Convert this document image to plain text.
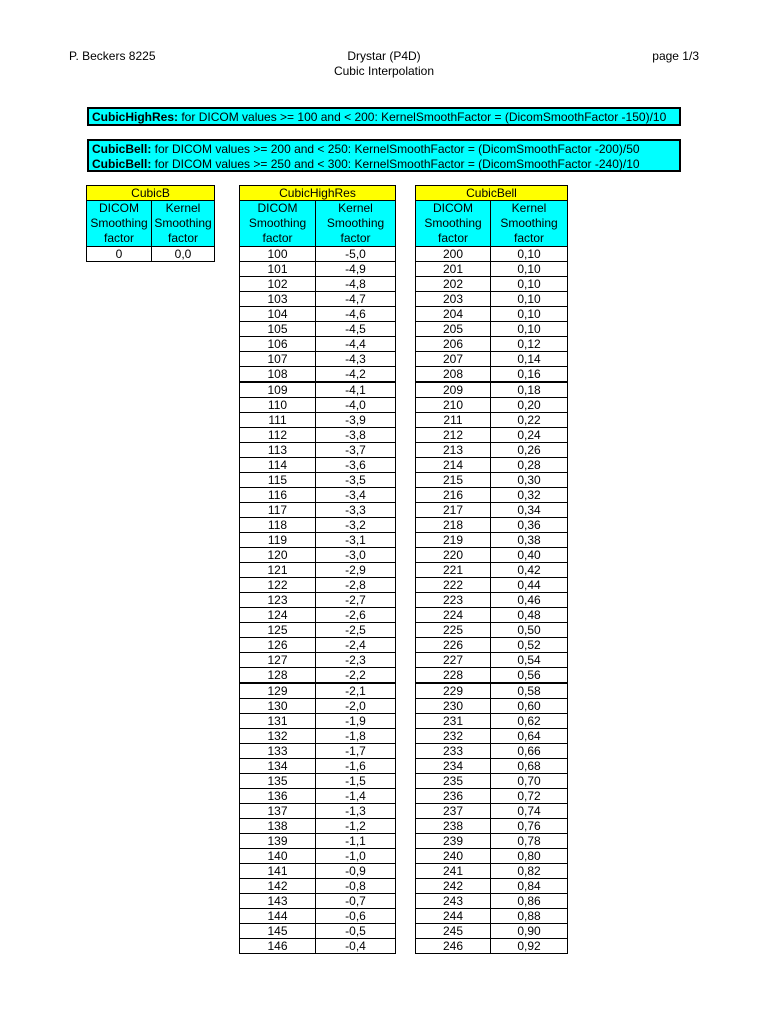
P. Beckers 8225	Drystar (P4D)
Cubic Interpolation
page 1/3
CubicHighRes: for DICOM values >= 100 and < 200: KernelSmoothFactor = (DicomSmoothFactor -150)/10
CubicBell: for DICOM values >= 200 and < 250: KernelSmoothFactor = (DicomSmoothFactor -200)/50
CubicBell: for DICOM values >= 250 and < 300: KernelSmoothFactor = (DicomSmoothFactor -240)/10
CubicB	
DICOM Smoothing factor	Kernel Smoothing factor
0	0,0
CubicHighRes	
DICOM Smoothing factor	Kernel Smoothing factor
100	-5,0
101	-4,9
102	-4,8
103	-4,7
104	-4,6
105	-4,5
106	-4,4
107	-4,3
108	-4,2
109	-4,1
110	-4,0
111	-3,9
112	-3,8
113	-3,7
114	-3,6
115	-3,5
116	-3,4
117	-3,3
118	-3,2
119	-3,1
120	-3,0
121	-2,9
122	-2,8
123	-2,7
124	-2,6
125	-2,5
126	-2,4
127	-2,3
128	-2,2
129	-2,1
130	-2,0
131	-1,9
132	-1,8
133	-1,7
134	-1,6
135	-1,5
136	-1,4
137	-1,3
138	-1,2
139	-1,1
140	-1,0
141	-0,9
142	-0,8
143	-0,7
144	-0,6
145	-0,5
146	-0,4
CubicBell	
DICOM Smoothing factor	Kernel Smoothing factor
200	0,10
201	0,10
202	0,10
203	0,10
204	0,10
205	0,10
206	0,12
207	0,14
208	0,16
209	0,18
210	0,20
211	0,22
212	0,24
213	0,26
214	0,28
215	0,30
216	0,32
217	0,34
218	0,36
219	0,38
220	0,40
221	0,42
222	0,44
223	0,46
224	0,48
225	0,50
226	0,52
227	0,54
228	0,56
229	0,58
230	0,60
231	0,62
232	0,64
233	0,66
234	0,68
235	0,70
236	0,72
237	0,74
238	0,76
239	0,78
240	0,80
241	0,82
242	0,84
243	0,86
244	0,88
245	0,90
246	0,92
